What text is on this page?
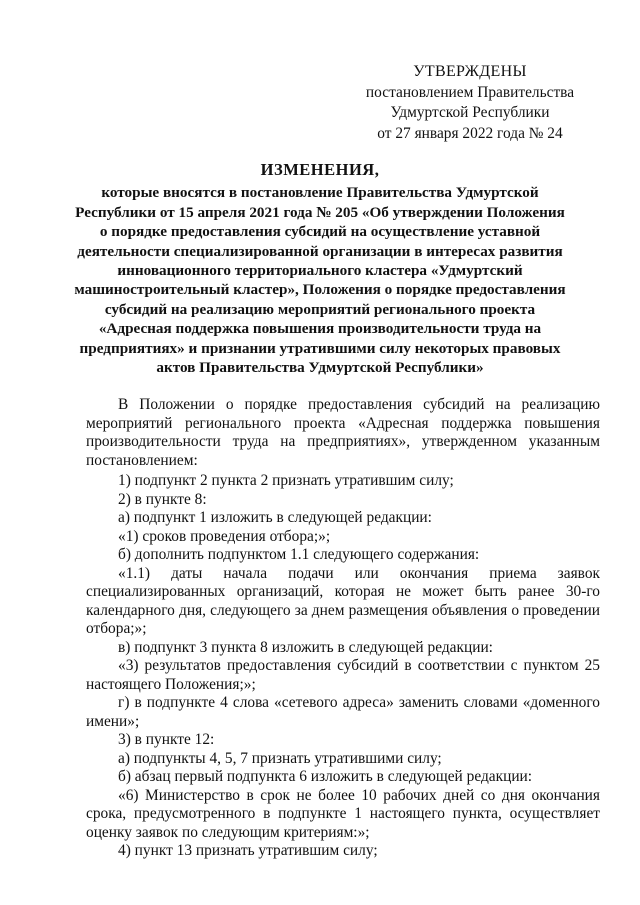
УТВЕРЖДЕНЫ
постановлением Правительства
Удмуртской Республики
от 27 января 2022 года № 24
ИЗМЕНЕНИЯ,
которые вносятся в постановление Правительства Удмуртской Республики от 15 апреля 2021 года № 205 «Об утверждении Положения о порядке предоставления субсидий на осуществление уставной деятельности специализированной организации в интересах развития инновационного территориального кластера «Удмуртский машиностроительный кластер», Положения о порядке предоставления субсидий на реализацию мероприятий регионального проекта «Адресная поддержка повышения производительности труда на предприятиях» и признании утратившими силу некоторых правовых актов Правительства Удмуртской Республики»

В Положении о порядке предоставления субсидий на реализацию мероприятий регионального проекта «Адресная поддержка повышения производительности труда на предприятиях», утвержденном указанным постановлением:

1) подпункт 2 пункта 2 признать утратившим силу;

2) в пункте 8:

а) подпункт 1 изложить в следующей редакции:

«1) сроков проведения отбора;»;

б) дополнить подпунктом 1.1 следующего содержания:

«1.1) даты начала подачи или окончания приема заявок специализированных организаций, которая не может быть ранее 30-го календарного дня, следующего за днем размещения объявления о проведении отбора;»;

в) подпункт 3 пункта 8 изложить в следующей редакции:

«3) результатов предоставления субсидий в соответствии с пунктом 25 настоящего Положения;»;

г) в подпункте 4 слова «сетевого адреса» заменить словами «доменного имени»;

3) в пункте 12:

а) подпункты 4, 5, 7 признать утратившими силу;

б) абзац первый подпункта 6 изложить в следующей редакции:

«6) Министерство в срок не более 10 рабочих дней со дня окончания срока, предусмотренного в подпункте 1 настоящего пункта, осуществляет оценку заявок по следующим критериям:»;

4) пункт 13 признать утратившим силу;
